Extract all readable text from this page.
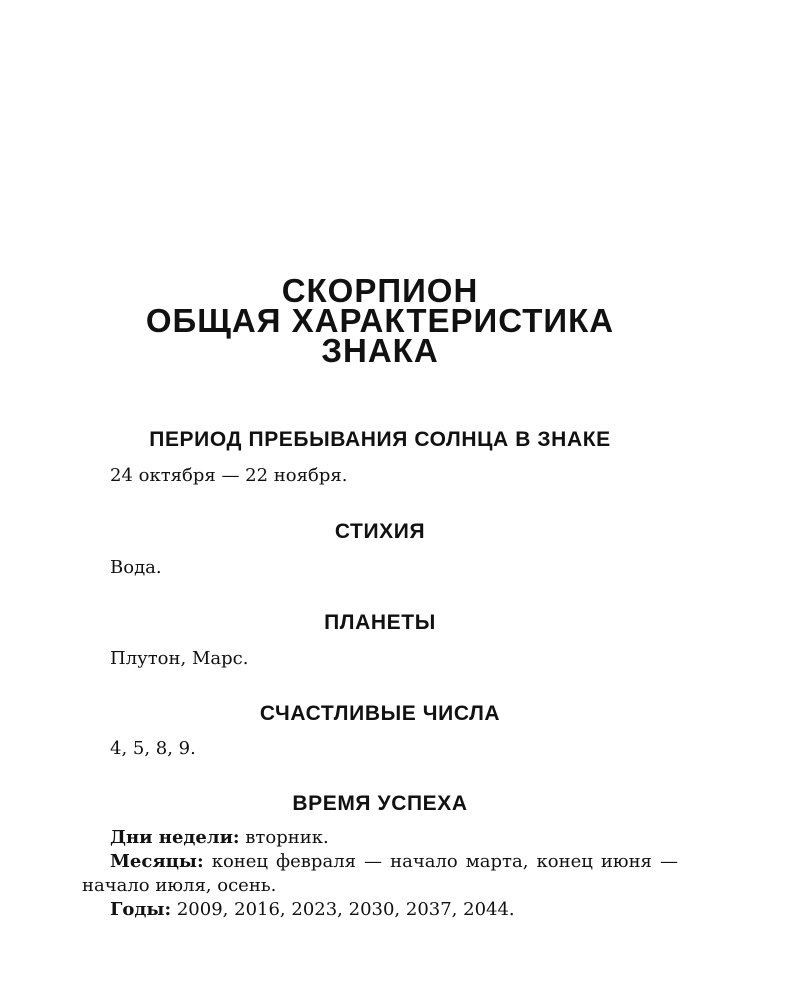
СКОРПИОН
ОБЩАЯ ХАРАКТЕРИСТИКА
ЗНАКА
ПЕРИОД ПРЕБЫВАНИЯ СОЛНЦА В ЗНАКЕ

24 октября — 22 ноября.

СТИХИЯ

Вода.

ПЛАНЕТЫ

Плутон, Марс.

СЧАСТЛИВЫЕ ЧИСЛА

4, 5, 8, 9.

ВРЕМЯ УСПЕХА
Дни недели: вторник.
Месяцы: конец февраля — начало марта, конец июня — начало июля, осень.
Годы: 2009, 2016, 2023, 2030, 2037, 2044.
